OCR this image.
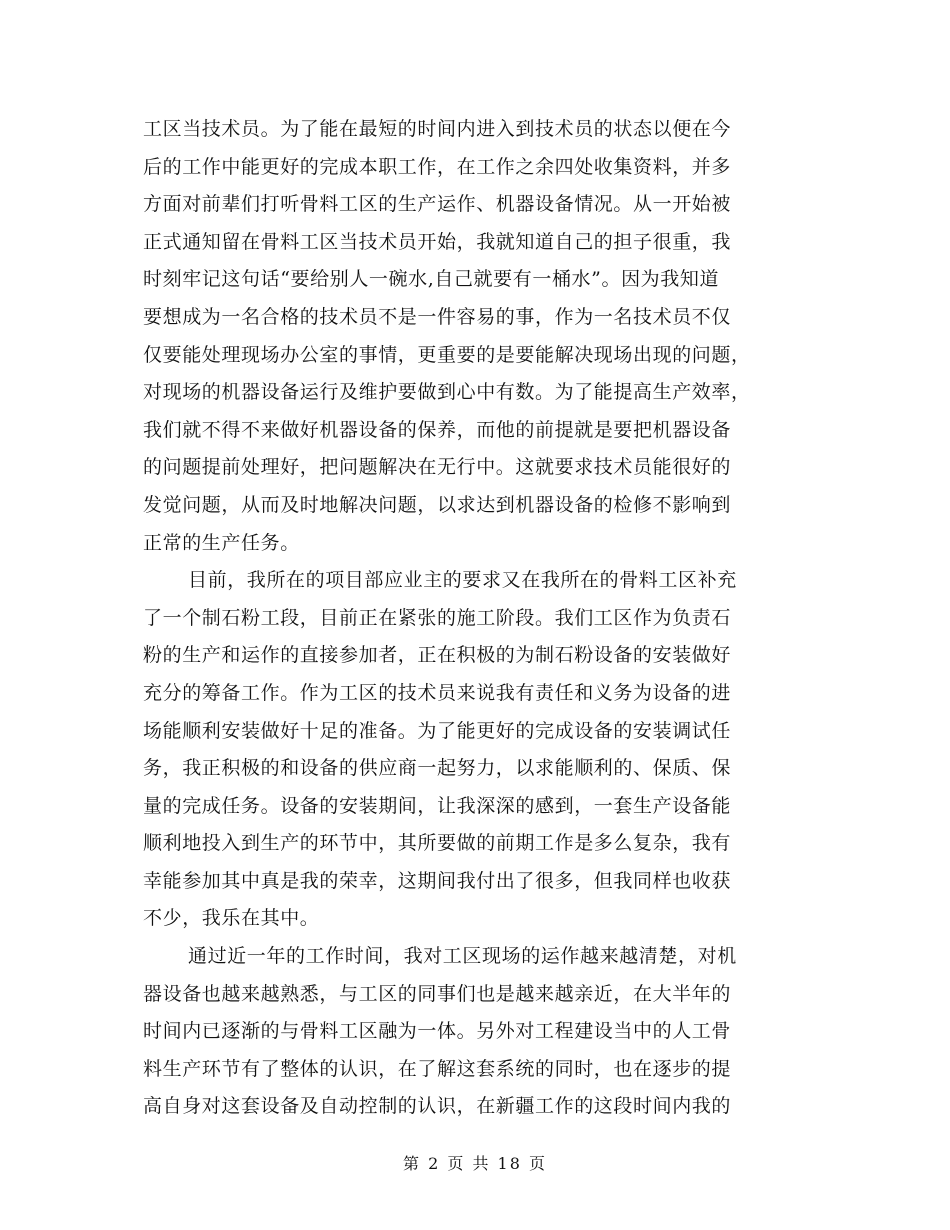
工区当技术员。为了能在最短的时间内进入到技术员的状态以便在今
后的工作中能更好的完成本职工作，在工作之余四处收集资料，并多
方面对前辈们打听骨料工区的生产运作、机器设备情况。从一开始被
正式通知留在骨料工区当技术员开始，我就知道自己的担子很重，我
时刻牢记这句话“要给别人一碗水,自己就要有一桶水”。因为我知道
要想成为一名合格的技术员不是一件容易的事，作为一名技术员不仅
仅要能处理现场办公室的事情，更重要的是要能解决现场出现的问题，
对现场的机器设备运行及维护要做到心中有数。为了能提高生产效率，
我们就不得不来做好机器设备的保养，而他的前提就是要把机器设备
的问题提前处理好，把问题解决在无行中。这就要求技术员能很好的
发觉问题，从而及时地解决问题，以求达到机器设备的检修不影响到
正常的生产任务。
目前，我所在的项目部应业主的要求又在我所在的骨料工区补充
了一个制石粉工段，目前正在紧张的施工阶段。我们工区作为负责石
粉的生产和运作的直接参加者，正在积极的为制石粉设备的安装做好
充分的筹备工作。作为工区的技术员来说我有责任和义务为设备的进
场能顺利安装做好十足的准备。为了能更好的完成设备的安装调试任
务，我正积极的和设备的供应商一起努力，以求能顺利的、保质、保
量的完成任务。设备的安装期间，让我深深的感到，一套生产设备能
顺利地投入到生产的环节中，其所要做的前期工作是多么复杂，我有
幸能参加其中真是我的荣幸，这期间我付出了很多，但我同样也收获
不少，我乐在其中。
通过近一年的工作时间，我对工区现场的运作越来越清楚，对机
器设备也越来越熟悉，与工区的同事们也是越来越亲近，在大半年的
时间内已逐渐的与骨料工区融为一体。另外对工程建设当中的人工骨
料生产环节有了整体的认识，在了解这套系统的同时，也在逐步的提
高自身对这套设备及自动控制的认识，在新疆工作的这段时间内我的
第 2 页 共 18 页
